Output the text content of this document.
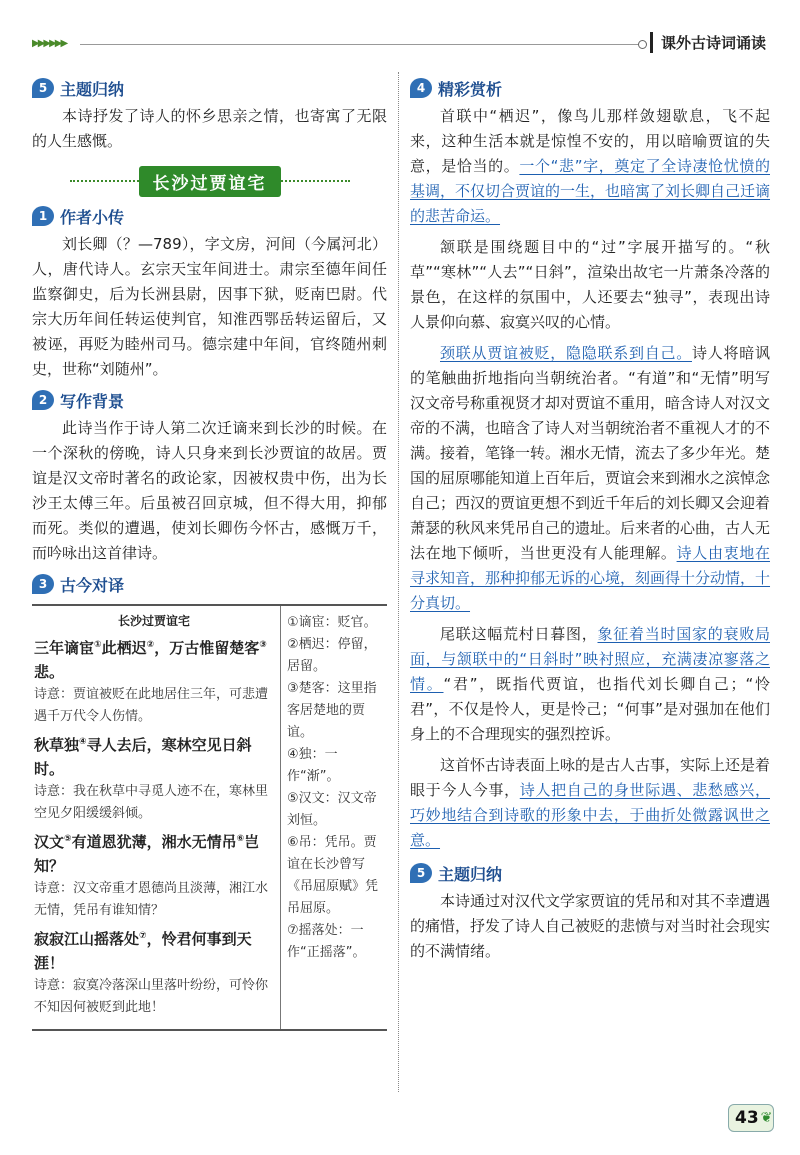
▶▶▶▶▶▶	课外古诗词诵读
5 主题归纳

本诗抒发了诗人的怀乡思亲之情，也寄寓了无限的人生感慨。

长沙过贾谊宅
1 作者小传

刘长卿（？—789），字文房，河间（今属河北）人，唐代诗人。玄宗天宝年间进士。肃宗至德年间任监察御史，后为长洲县尉，因事下狱，贬南巴尉。代宗大历年间任转运使判官，知淮西鄂岳转运留后，又被诬，再贬为睦州司马。德宗建中年间，官终随州刺史，世称“刘随州”。

2 写作背景

此诗当作于诗人第二次迁谪来到长沙的时候。在一个深秋的傍晚，诗人只身来到长沙贾谊的故居。贾谊是汉文帝时著名的政论家，因被权贵中伤，出为长沙王太傅三年。后虽被召回京城，但不得大用，抑郁而死。类似的遭遇，使刘长卿伤今怀古，感慨万千，而吟咏出这首律诗。

3 古今对译
长沙过贾谊宅
三年谪宦①此栖迟②，万古惟留楚客③悲。
诗意：贾谊被贬在此地居住三年，可悲遭遇千万代令人伤情。
秋草独④寻人去后，寒林空见日斜时。
诗意：我在秋草中寻觅人迹不在，寒林里空见夕阳缓缓斜倾。
汉文⑤有道恩犹薄，湘水无情吊⑥岂知？
诗意：汉文帝重才恩德尚且淡薄，湘江水无情，凭吊有谁知情？
寂寂江山摇落处⑦，怜君何事到天涯！
诗意：寂寞冷落深山里落叶纷纷，可怜你不知因何被贬到此地！
①谪宦：贬官。
②栖迟：停留，居留。
③楚客：这里指客居楚地的贾谊。
④独：一作“渐”。
⑤汉文：汉文帝刘恒。
⑥吊：凭吊。贾谊在长沙曾写《吊屈原赋》凭吊屈原。
⑦摇落处：一作“正摇落”。
4 精彩赏析

首联中“栖迟”，像鸟儿那样敛翅歇息，飞不起来，这种生活本就是惊惶不安的，用以暗喻贾谊的失意，是恰当的。一个“悲”字，奠定了全诗凄怆忧愤的基调，不仅切合贾谊的一生，也暗寓了刘长卿自己迁谪的悲苦命运。

颔联是围绕题目中的“过”字展开描写的。“秋草”“寒林”“人去”“日斜”，渲染出故宅一片萧条冷落的景色，在这样的氛围中，人还要去“独寻”，表现出诗人景仰向慕、寂寞兴叹的心情。

颈联从贾谊被贬，隐隐联系到自己。诗人将暗讽的笔触曲折地指向当朝统治者。“有道”和“无情”明写汉文帝号称重视贤才却对贾谊不重用，暗含诗人对汉文帝的不满，也暗含了诗人对当朝统治者不重视人才的不满。接着，笔锋一转。湘水无情，流去了多少年光。楚国的屈原哪能知道上百年后，贾谊会来到湘水之滨悼念自己；西汉的贾谊更想不到近千年后的刘长卿又会迎着萧瑟的秋风来凭吊自己的遗址。后来者的心曲，古人无法在地下倾听，当世更没有人能理解。诗人由衷地在寻求知音，那种抑郁无诉的心境，刻画得十分动情，十分真切。

尾联这幅荒村日暮图，象征着当时国家的衰败局面，与颔联中的“日斜时”映衬照应，充满凄凉寥落之情。“君”，既指代贾谊，也指代刘长卿自己；“怜君”，不仅是怜人，更是怜己；“何事”是对强加在他们身上的不合理现实的强烈控诉。

这首怀古诗表面上咏的是古人古事，实际上还是着眼于今人今事，诗人把自己的身世际遇、悲愁感兴，巧妙地结合到诗歌的形象中去，于曲折处微露讽世之意。

5 主题归纳

本诗通过对汉代文学家贾谊的凭吊和对其不幸遭遇的痛惜，抒发了诗人自己被贬的悲愤与对当时社会现实的不满情绪。

43 ❦
